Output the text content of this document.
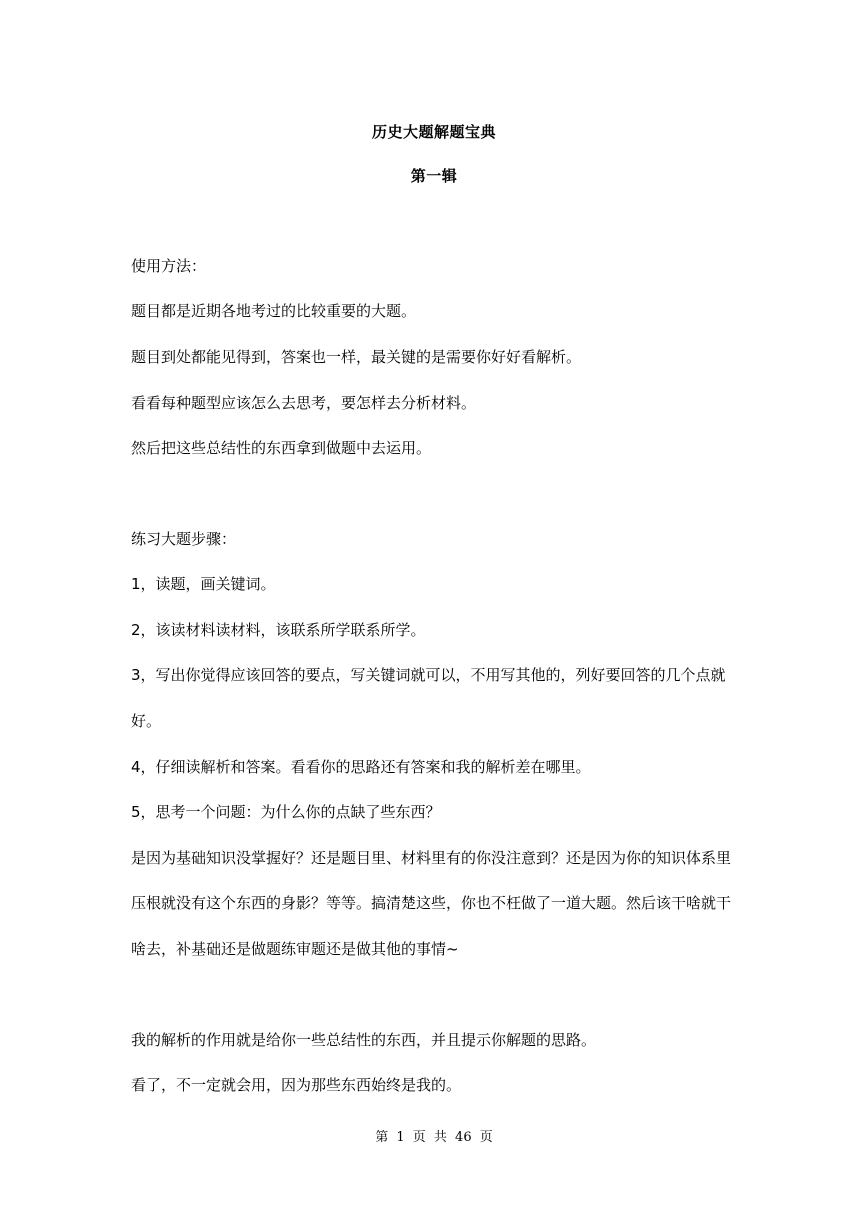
历史大题解题宝典
第一辑
使用方法：
题目都是近期各地考过的比较重要的大题。
题目到处都能见得到，答案也一样，最关键的是需要你好好看解析。
看看每种题型应该怎么去思考，要怎样去分析材料。
然后把这些总结性的东西拿到做题中去运用。
练习大题步骤：
1，读题，画关键词。
2，该读材料读材料，该联系所学联系所学。
3，写出你觉得应该回答的要点，写关键词就可以，不用写其他的，列好要回答的几个点就
好。
4，仔细读解析和答案。看看你的思路还有答案和我的解析差在哪里。
5，思考一个问题：为什么你的点缺了些东西？
是因为基础知识没掌握好？还是题目里、材料里有的你没注意到？还是因为你的知识体系里
压根就没有这个东西的身影？等等。搞清楚这些，你也不枉做了一道大题。然后该干啥就干
啥去，补基础还是做题练审题还是做其他的事情~
我的解析的作用就是给你一些总结性的东西，并且提示你解题的思路。
看了，不一定就会用，因为那些东西始终是我的。
第 1 页 共 46 页
